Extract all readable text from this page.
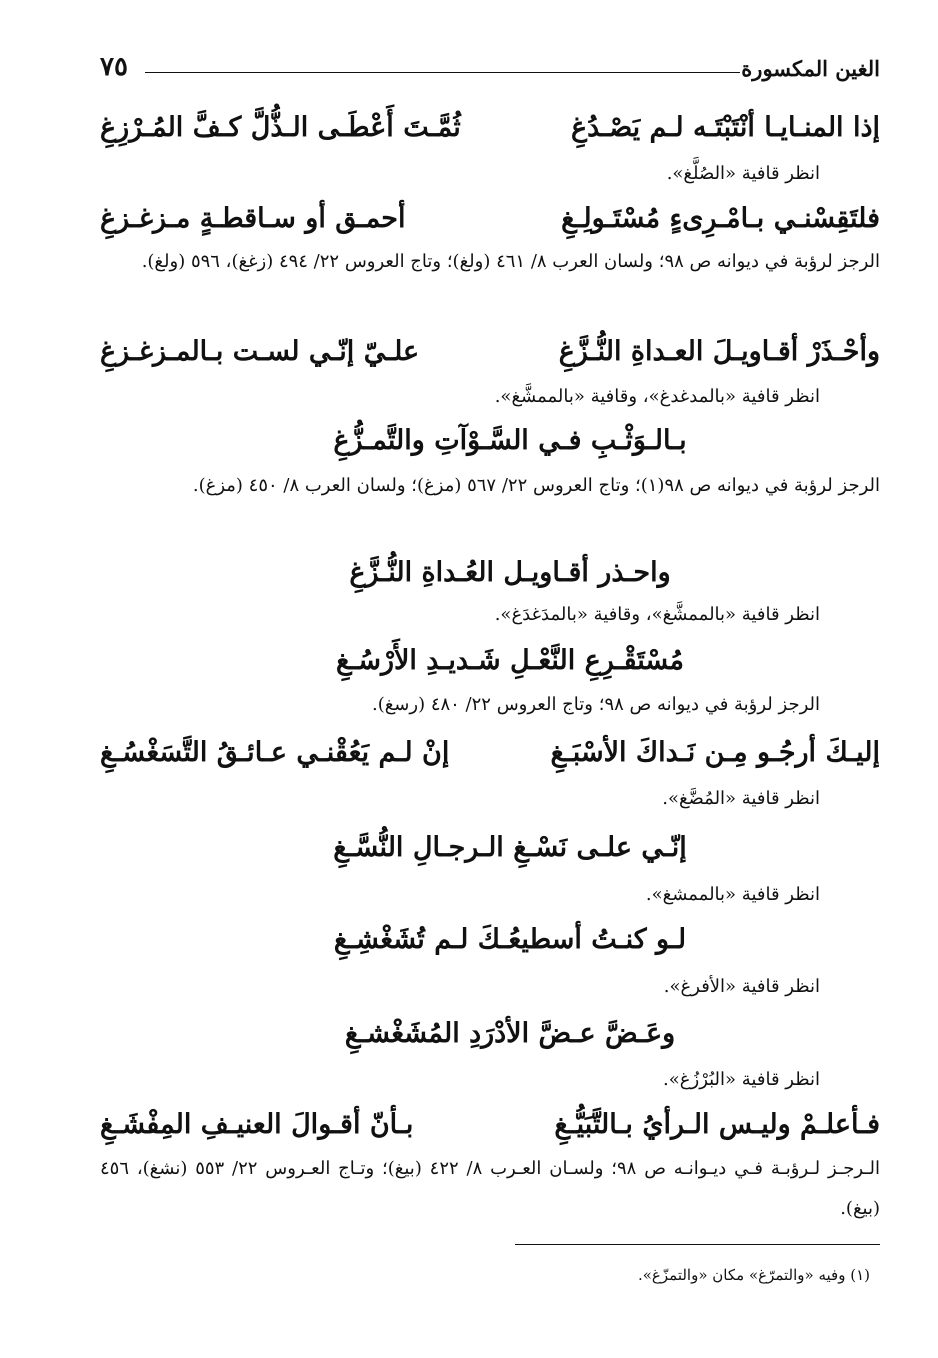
الغين المكسورة
٧٥
إذا المنـايـا أنْتَبْتَـه لـم يَصْـدُغِ
ثُمَّـتَ أَعْطَـى الـذُّلَّ كـفَّ المُـرْزِغِ
انظر قافية «الصُلَّغ».
فلتَقِسْنـي بـامْـرِىءٍ مُسْتَـولِـغِ
أحمـق أو سـاقطـةٍ مـزغـزغِ
الرجز لرؤبة في ديوانه ص ٩٨؛ ولسان العرب ٨/ ٤٦١ (ولغ)؛ وتاج العروس ٢٢/ ٤٩٤ (زغغ)، ٥٩٦ (ولغ).
وأحْـذَرْ أقـاويـلَ العـداةِ النُّـزَّغِ
علـيّ إنّـي لسـت بـالمـزغـزغِ
انظر قافية «بالمدغدغ»، وقافية «بالممشَّغ».
بـالـوَثْـبِ فـي السَّـوْآتِ والتَّمـزُّغِ
الرجز لرؤبة في ديوانه ص ٩٨(١)؛ وتاج العروس ٢٢/ ٥٦٧ (مزغ)؛ ولسان العرب ٨/ ٤٥٠ (مزغ).
واحـذر أقـاويـل العُـداةِ النُّـزَّغِ
انظر قافية «بالممشَّغ»، وقافية «بالمدَغدَغ».
مُسْتَقْـرِعِ النَّعْـلِ شَـديـدِ الأَرْسُـغِ
الرجز لرؤبة في ديوانه ص ٩٨؛ وتاج العروس ٢٢/ ٤٨٠ (رسغ).
إليـكَ أرجُـو مِـن نَـداكَ الأسْبَـغِ
إنْ لـم يَعُقْنـي عـائـقُ التَّسَغْسُـغِ
انظر قافية «المُضَّغ».
إنّـي علـى نَسْـغِ الـرجـالِ النُّسَّـغِ
انظر قافية «بالممشغ».
لـو كنـتُ أسطيعُـكَ لـم تُشَغْشِـغِ
انظر قافية «الأفرغ».
وعَـضَّ عـضَّ الأدْرَدِ المُشَغْشـغِ
انظر قافية «البُرْزُغ».
فـأعلـمْ وليـس الـرأيُ بـالتَّبَيُّـغِ
بـأنّ أقـوالَ العنيـفِ المِفْشَـغِ
الـرجـز لـرؤبـة فـي ديـوانـه ص ٩٨؛ ولسـان العـرب ٨/ ٤٢٢ (بيغ)؛ وتـاج العـروس ٢٢/ ٥٥٣ (نشغ)، ٤٥٦ (بيغ).
(١) وفيه «والتمرّغ» مكان «والتمزّغ».
